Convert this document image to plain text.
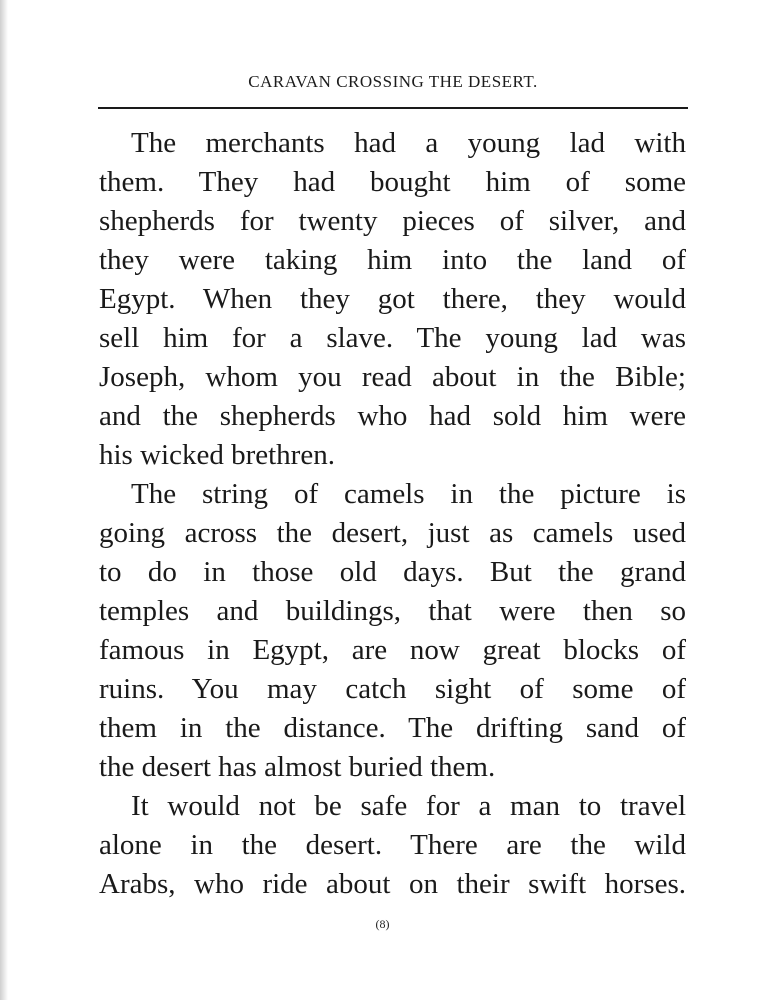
CARAVAN CROSSING THE DESERT.
The merchants had a young lad with
them. They had bought him of some
shepherds for twenty pieces of silver, and
they were taking him into the land of
Egypt. When they got there, they would
sell him for a slave. The young lad was
Joseph, whom you read about in the Bible;
and the shepherds who had sold him were
his wicked brethren.
The string of camels in the picture is
going across the desert, just as camels used
to do in those old days. But the grand
temples and buildings, that were then so
famous in Egypt, are now great blocks of
ruins. You may catch sight of some of
them in the distance. The drifting sand of
the desert has almost buried them.
It would not be safe for a man to travel
alone in the desert. There are the wild
Arabs, who ride about on their swift horses.
(8)
